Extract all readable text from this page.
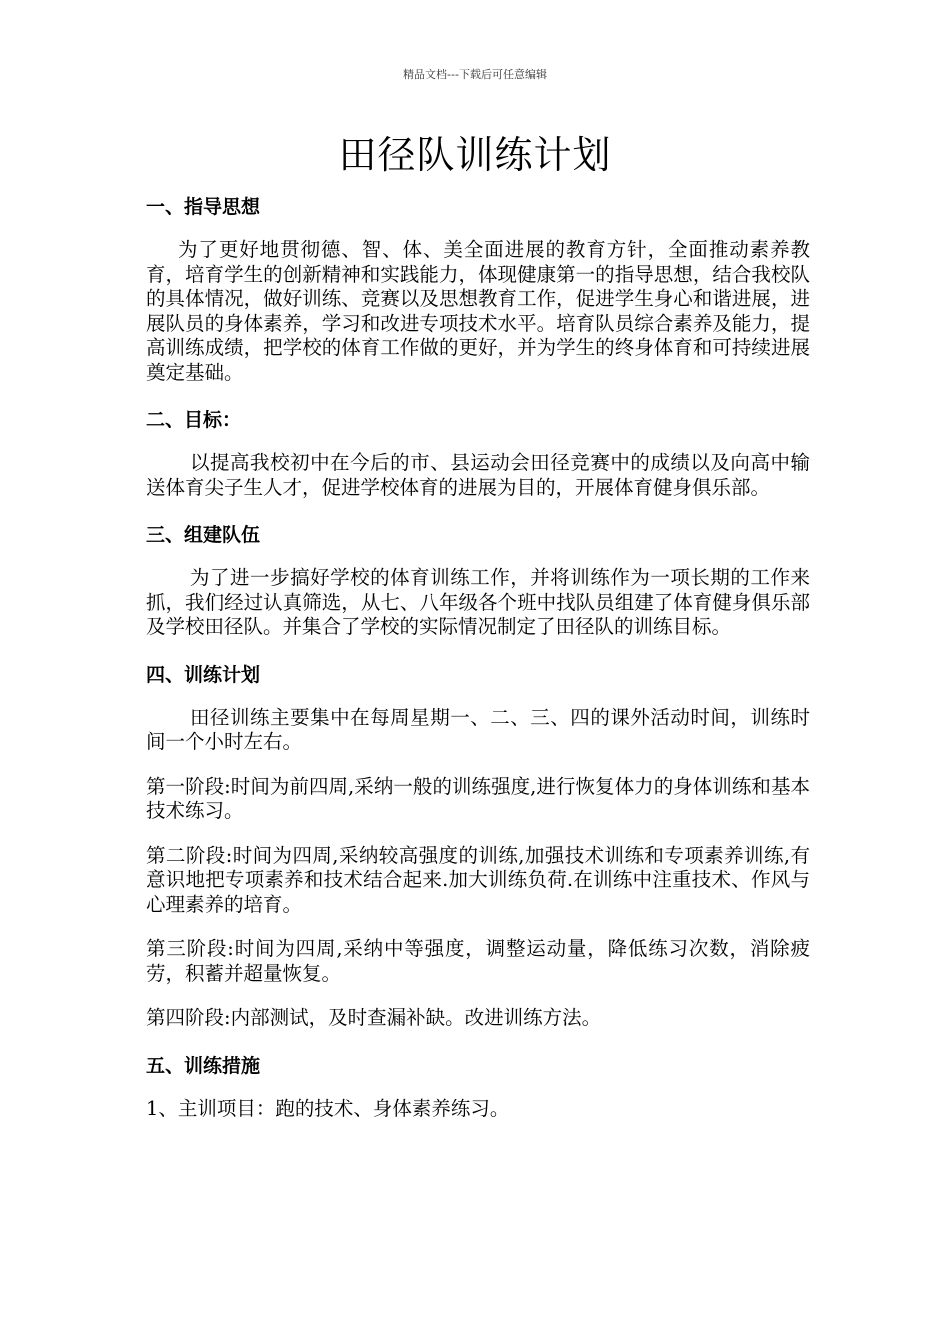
精品文档---下载后可任意编辑
田径队训练计划
一、指导思想

为了更好地贯彻德、智、体、美全面进展的教育方针，全面推动素养教育，培育学生的创新精神和实践能力，体现健康第一的指导思想，结合我校队的具体情况，做好训练、竞赛以及思想教育工作，促进学生身心和谐进展，进展队员的身体素养，学习和改进专项技术水平。培育队员综合素养及能力，提高训练成绩，把学校的体育工作做的更好，并为学生的终身体育和可持续进展奠定基础。

二、目标：

以提高我校初中在今后的市、县运动会田径竞赛中的成绩以及向高中输送体育尖子生人才，促进学校体育的进展为目的，开展体育健身俱乐部。

三、组建队伍

为了进一步搞好学校的体育训练工作，并将训练作为一项长期的工作来抓，我们经过认真筛选，从七、八年级各个班中找队员组建了体育健身俱乐部及学校田径队。并集合了学校的实际情况制定了田径队的训练目标。

四、训练计划

田径训练主要集中在每周星期一、二、三、四的课外活动时间，训练时间一个小时左右。

第一阶段:时间为前四周,采纳一般的训练强度,进行恢复体力的身体训练和基本技术练习。

第二阶段:时间为四周,采纳较高强度的训练,加强技术训练和专项素养训练,有意识地把专项素养和技术结合起来.加大训练负荷.在训练中注重技术、作风与心理素养的培育。

第三阶段:时间为四周,采纳中等强度，调整运动量，降低练习次数，消除疲劳，积蓄并超量恢复。

第四阶段:内部测试，及时查漏补缺。改进训练方法。

五、训练措施

1、主训项目：跑的技术、身体素养练习。
